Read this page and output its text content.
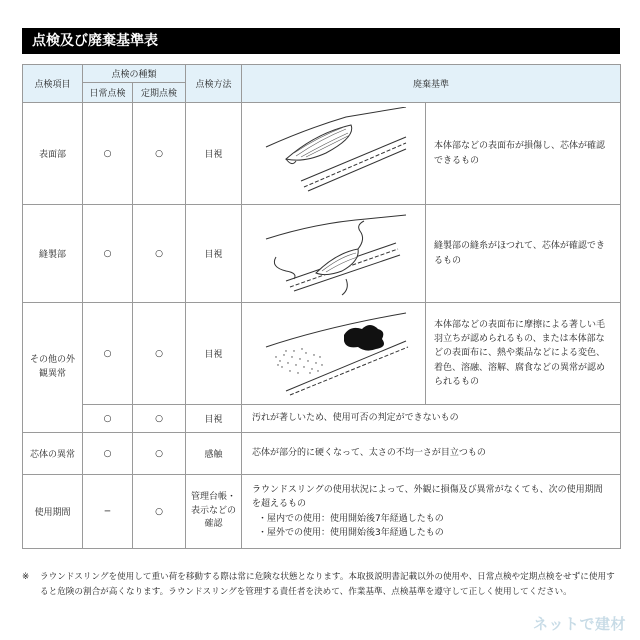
点検及び廃棄基準表
点検項目	点検の種類		点検方法	廃棄基準	
	日常点検	定期点検			
表面部	○	○	目視		本体部などの表面布が損傷し、芯体が確認できるもの
縫製部	○	○	目視		縫製部の縫糸がほつれて、芯体が確認できるもの
その他の外観異常	○	○	目視		本体部などの表面布に摩擦による著しい毛羽立ちが認められるもの、または本体部などの表面布に、熱や薬品などによる変色、着色、溶融、溶解、腐食などの異常が認められるもの
	○	○	目視	汚れが著しいため、使用可否の判定ができないもの	
芯体の異常	○	○	感触	芯体が部分的に硬くなって、太さの不均一さが目立つもの	
使用期間	─	○	管理台帳・表示などの確認	ラウンドスリングの使用状況によって、外観に損傷及び異常がなくても、次の使用期間を超えるもの
・屋内での使用：使用開始後7年経過したもの
・屋外での使用：使用開始後3年経過したもの	
※ ラウンドスリングを使用して重い荷を移動する際は常に危険な状態となります。本取扱説明書記載以外の使用や、日常点検や定期点検をせずに使用すると危険の割合が高くなります。ラウンドスリングを管理する責任者を決めて、作業基準、点検基準を遵守して正しく使用してください。
ネットで建材
